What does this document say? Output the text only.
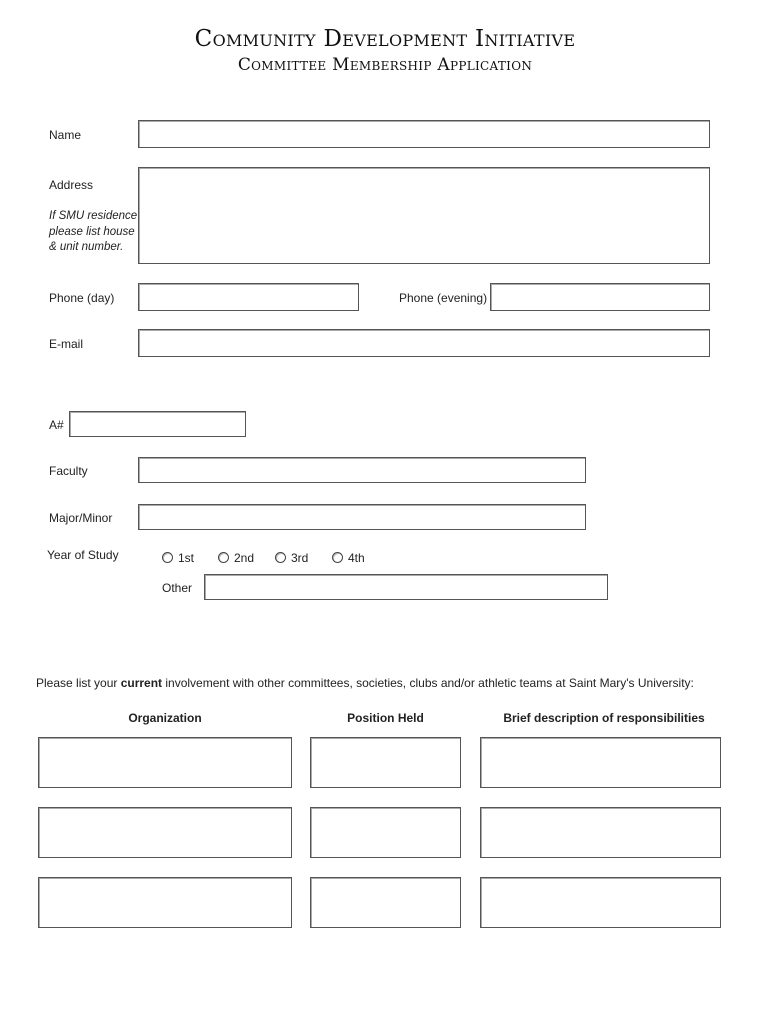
Community Development Initiative
Committee Membership Application
Name
Address
If SMU residence
please list house
& unit number.
Phone (day)	Phone (evening)
E-mail
A#
Faculty
Major/Minor
Year of Study	1st	2nd	3rd	4th
Other
Please list your current involvement with other committees, societies, clubs and/or athletic teams at Saint Mary's University:
Organization	Position Held	Brief description of responsibilities
